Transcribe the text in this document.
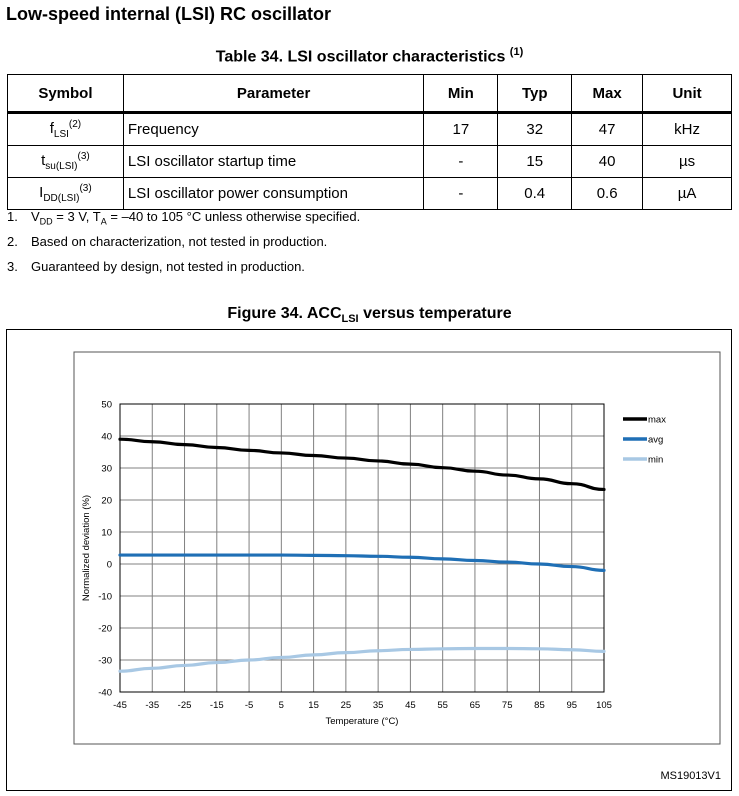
Low-speed internal (LSI) RC oscillator
Table 34. LSI oscillator characteristics $^{(1)}$
Symbol	Parameter	Min	Typ	Max	Unit
$f_{LSI}^{(2)}$	Frequency	17	32	47	kHz
$t_{su(LSI)}^{(3)}$	LSI oscillator startup time	-	15	40	µs
$I_{DD(LSI)}^{(3)}$	LSI oscillator power consumption	-	0.4	0.6	µA
1.	$V_{DD} = 3$ V, $T_A = -40$ to 105 °C unless otherwise specified.
2.	Based on characterization, not tested in production.
3.	Guaranteed by design, not tested in production.
Figure 34. $ACC_{LSI}$ versus temperature
50
40
30
20
10
0
-10
-20
-30
-40
-45 -35 -25 -15 -5	5	15 25 35 45 55 65 75 85 95 105
Temperature (°C)
Normalized deviation (%)
max
avg
min
MS19013V1
